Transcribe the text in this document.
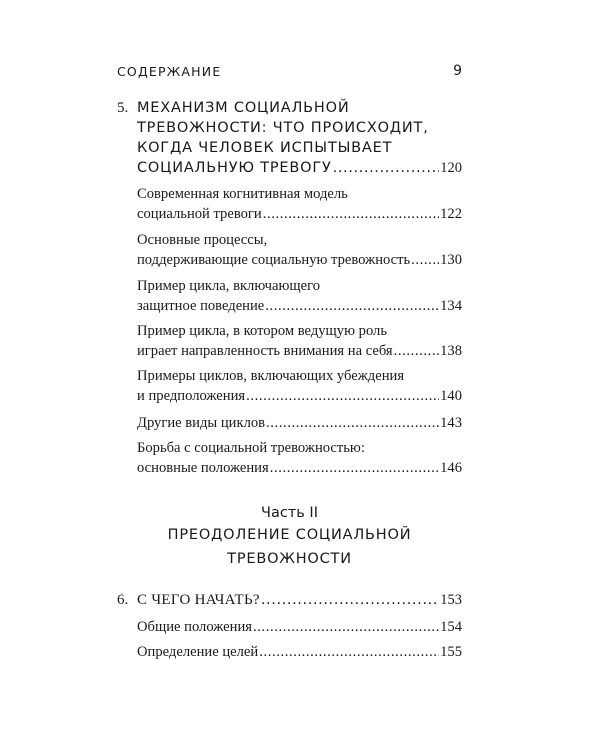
СОДЕРЖАНИЕ	9
5. МЕХАНИЗМ СОЦИАЛЬНОЙ
ТРЕВОЖНОСТИ: ЧТО ПРОИСХОДИТ,
КОГДА ЧЕЛОВЕК ИСПЫТЫВАЕТ
СОЦИАЛЬНУЮ ТРЕВОГУ .....	120
Современная когнитивная модель
социальной тревоги .....	122
Основные процессы,
поддерживающие социальную тревожность ..... 130
Пример цикла, включающего
защитное поведение .....	134
Пример цикла, в котором ведущую роль
играет направленность внимания на себя .....	138
Примеры циклов, включающих убеждения
и предположения .....	140
Другие виды циклов .....	143
Борьба с социальной тревожностью:
основные положения .....	146
Часть II
ПРЕОДОЛЕНИЕ СОЦИАЛЬНОЙ
ТРЕВОЖНОСТИ
6. С ЧЕГО НАЧАТЬ? .....	153
Общие положения .....	154
Определение целей .....	155
